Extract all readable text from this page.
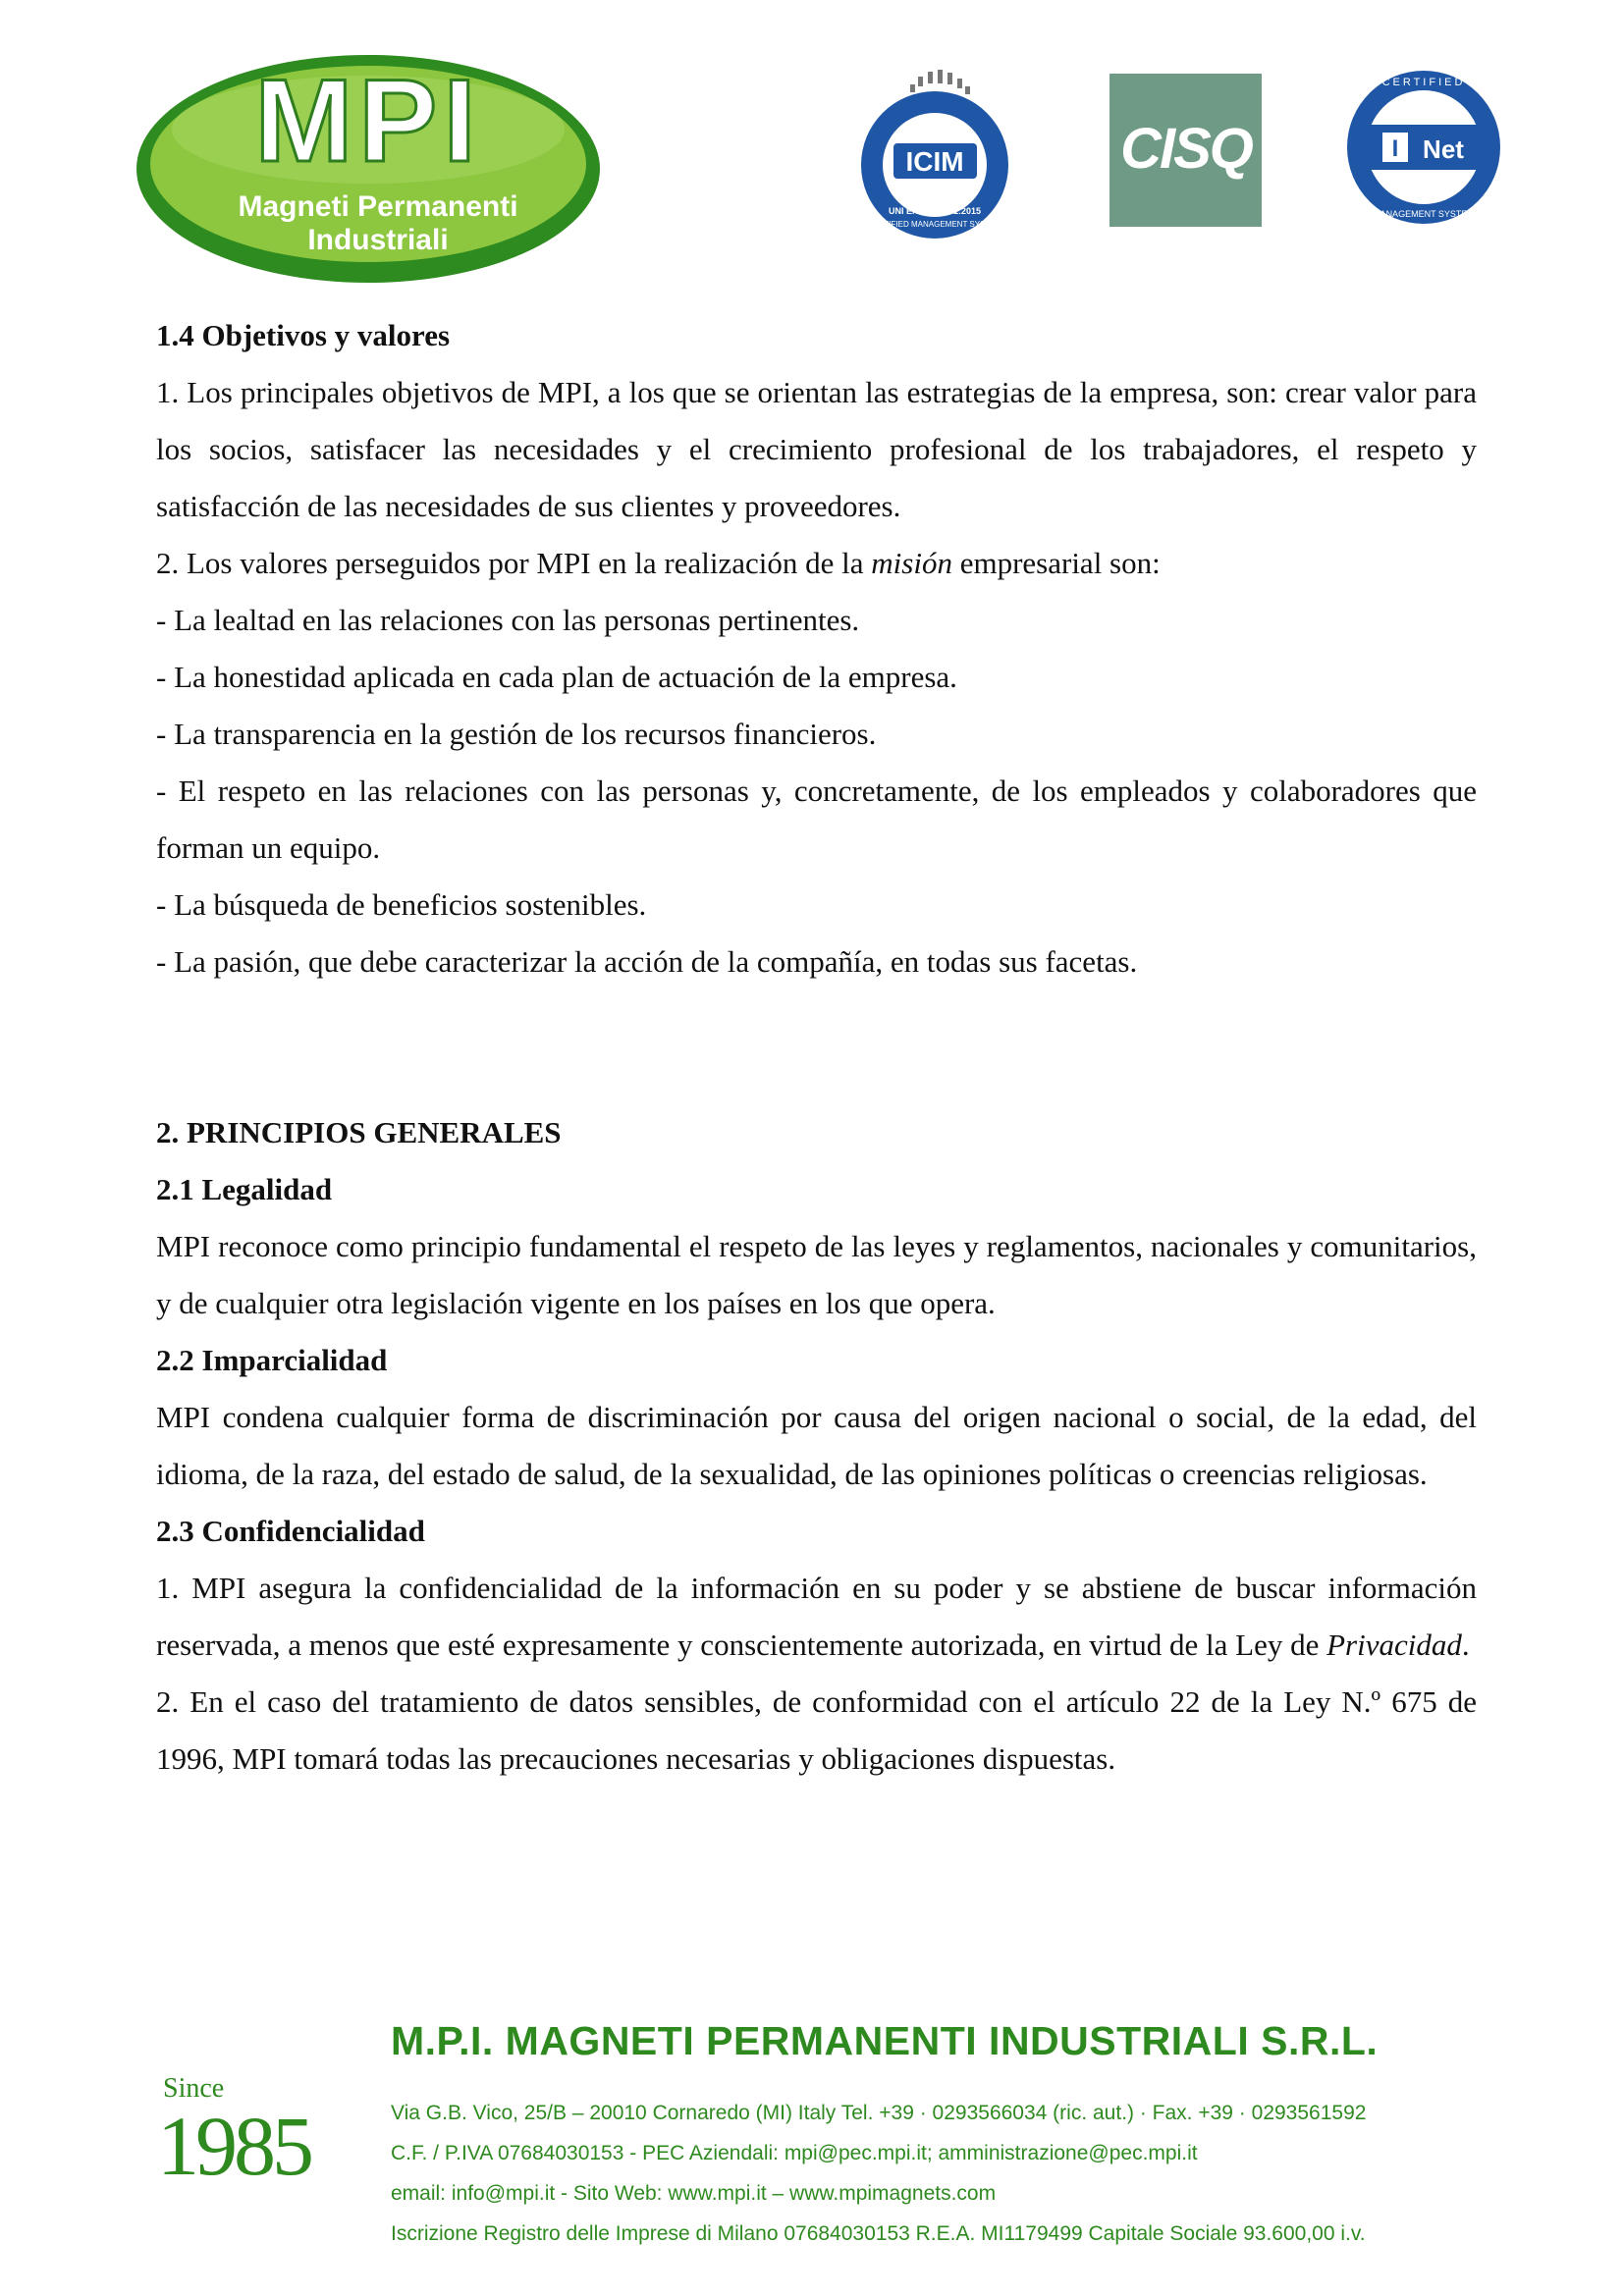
MPI
Magneti Permanenti
Industriali
ICIM
UNI EN ISO 9001:2015
CERTIFIED MANAGEMENT SYSTEM
CISQ	I Net
CERTIFIED
MANAGEMENT SYSTEM

1.4 Objetivos y valores

1. Los principales objetivos de MPI, a los que se orientan las estrategias de la empresa, son: crear valor para los socios, satisfacer las necesidades y el crecimiento profesional de los trabajadores, el respeto y satisfacción de las necesidades de sus clientes y proveedores.

2. Los valores perseguidos por MPI en la realización de la misión empresarial son:

- La lealtad en las relaciones con las personas pertinentes.

- La honestidad aplicada en cada plan de actuación de la empresa.

- La transparencia en la gestión de los recursos financieros.

- El respeto en las relaciones con las personas y, concretamente, de los empleados y colaboradores que forman un equipo.

- La búsqueda de beneficios sostenibles.

- La pasión, que debe caracterizar la acción de la compañía, en todas sus facetas.

2. PRINCIPIOS GENERALES

2.1 Legalidad

MPI reconoce como principio fundamental el respeto de las leyes y reglamentos, nacionales y comunitarios, y de cualquier otra legislación vigente en los países en los que opera.

2.2 Imparcialidad

MPI condena cualquier forma de discriminación por causa del origen nacional o social, de la edad, del idioma, de la raza, del estado de salud, de la sexualidad, de las opiniones políticas o creencias religiosas.

2.3 Confidencialidad

1. MPI asegura la confidencialidad de la información en su poder y se abstiene de buscar información reservada, a menos que esté expresamente y conscientemente autorizada, en virtud de la Ley de Privacidad.

2. En el caso del tratamiento de datos sensibles, de conformidad con el artículo 22 de la Ley N.º 675 de 1996, MPI tomará todas las precauciones necesarias y obligaciones dispuestas.

Since
1985
M.P.I. MAGNETI PERMANENTI INDUSTRIALI S.R.L.
Via G.B. Vico, 25/B – 20010 Cornaredo (MI) Italy Tel. +39 · 0293566034 (ric. aut.) · Fax. +39 · 0293561592
C.F. / P.IVA 07684030153 - PEC Aziendali: mpi@pec.mpi.it; amministrazione@pec.mpi.it
email: info@mpi.it - Sito Web: www.mpi.it – www.mpimagnets.com
Iscrizione Registro delle Imprese di Milano 07684030153 R.E.A. MI1179499 Capitale Sociale 93.600,00 i.v.
